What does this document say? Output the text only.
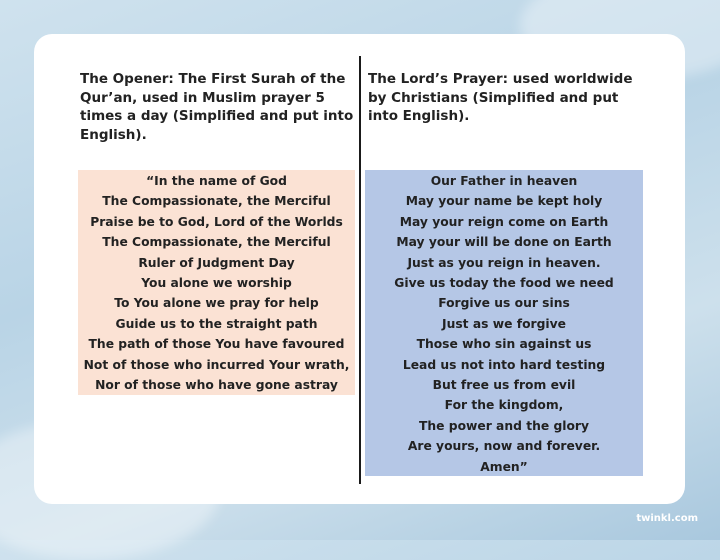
The Opener: The First Surah of the Qur’an, used in Muslim prayer 5 times a day (Simplified and put into English).

The Lord’s Prayer: used worldwide by Christians (Simplified and put into English).

“In the name of God
The Compassionate, the Merciful
Praise be to God, Lord of the Worlds
The Compassionate, the Merciful
Ruler of Judgment Day
You alone we worship
To You alone we pray for help
Guide us to the straight path
The path of those You have favoured
Not of those who incurred Your wrath,
Nor of those who have gone astray
Our Father in heaven
May your name be kept holy
May your reign come on Earth
May your will be done on Earth
Just as you reign in heaven.
Give us today the food we need
Forgive us our sins
Just as we forgive
Those who sin against us
Lead us not into hard testing
But free us from evil
For the kingdom,
The power and the glory
Are yours, now and forever.
Amen”
twinkl.com
